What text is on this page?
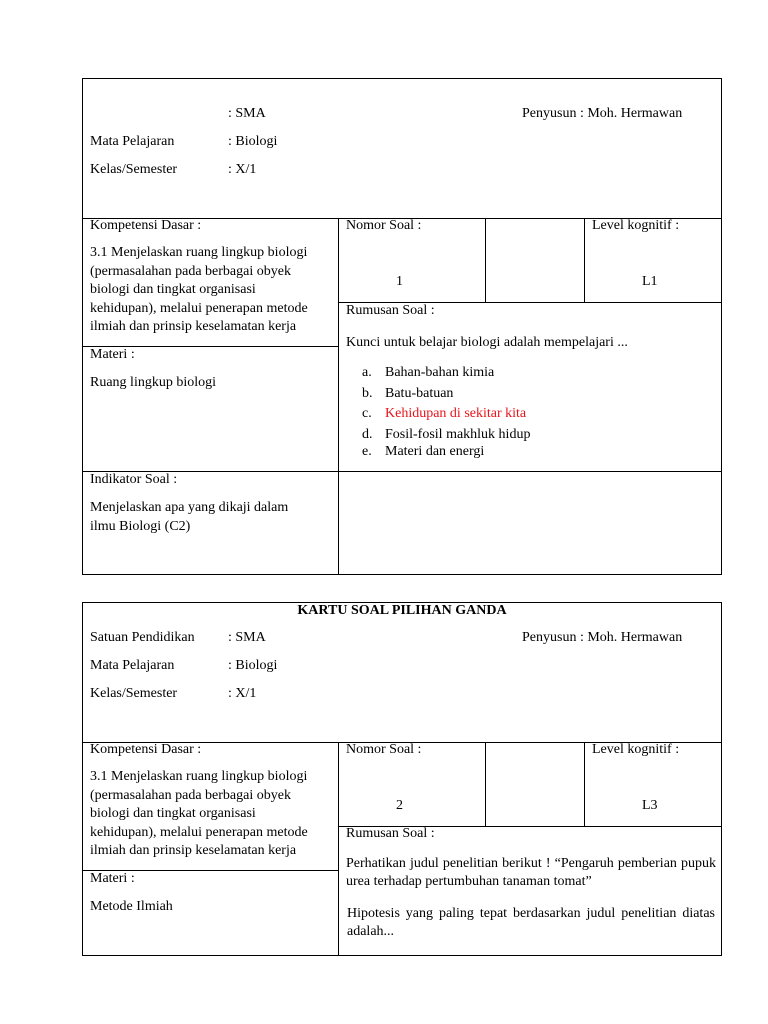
: SMA	Penyusun : Moh. Hermawan
Mata Pelajaran	: Biologi
Kelas/Semester	: X/1
Kompetensi Dasar :
3.1 Menjelaskan ruang lingkup biologi
(permasalahan pada berbagai obyek
biologi dan tingkat organisasi
kehidupan), melalui penerapan metode
ilmiah dan prinsip keselamatan kerja
Nomor Soal :
1
Level kognitif :
L1
Rumusan Soal :
Kunci untuk belajar biologi adalah mempelajari ...
a. Bahan-bahan kimia
b. Batu-batuan
c. Kehidupan di sekitar kita
d. Fosil-fosil makhluk hidup
e. Materi dan energi
Materi :
Ruang lingkup biologi
Indikator Soal :
Menjelaskan apa yang dikaji dalam
ilmu Biologi (C2)
KARTU SOAL PILIHAN GANDA
Satuan Pendidikan : SMA	Penyusun : Moh. Hermawan
Mata Pelajaran	: Biologi
Kelas/Semester	: X/1
Kompetensi Dasar :
3.1 Menjelaskan ruang lingkup biologi
(permasalahan pada berbagai obyek
biologi dan tingkat organisasi
kehidupan), melalui penerapan metode
ilmiah dan prinsip keselamatan kerja
Nomor Soal :
2
Level kognitif :
L3
Rumusan Soal :
Perhatikan judul penelitian berikut ! “Pengaruh pemberian pupuk urea terhadap pertumbuhan tanaman tomat”
Hipotesis yang paling tepat berdasarkan judul penelitian diatas adalah...
Materi :
Metode Ilmiah
